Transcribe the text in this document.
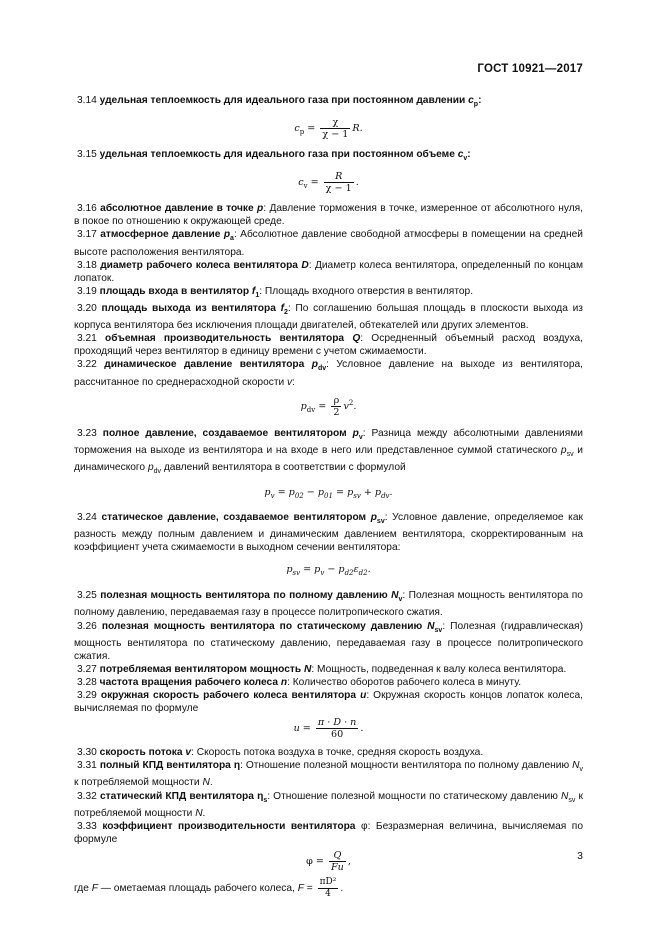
ГОСТ 10921—2017

3.14 удельная теплоемкость для идеального газа при постоянном давлении $c_p$:

$c_p = \frac{\chi}{\chi - 1} R$.

3.15 удельная теплоемкость для идеального газа при постоянном объеме $c_v$:

$c_v = \frac{R}{\chi - 1}$ .

3.16 абсолютное давление в точке p: Давление торможения в точке, измеренное от абсолютного нуля, в покое по отношению к окружающей среде.

3.17 атмосферное давление $p_a$: Абсолютное давление свободной атмосферы в помещении на средней высоте расположения вентилятора.

3.18 диаметр рабочего колеса вентилятора D: Диаметр колеса вентилятора, определенный по концам лопаток.

3.19 площадь входа в вентилятор $f_1$: Площадь входного отверстия в вентилятор.

3.20 площадь выхода из вентилятора $f_2$: По соглашению большая площадь в плоскости выхода из корпуса вентилятора без исключения площади двигателей, обтекателей или других элементов.

3.21 объемная производительность вентилятора Q: Осредненный объемный расход воздуха, проходящий через вентилятор в единицу времени с учетом сжимаемости.

3.22 динамическое давление вентилятора $p_{dv}$: Условное давление на выходе из вентилятора, рассчитанное по среднерасходной скорости v:

$p_{dv} = \frac{\rho}{2} v^2$.

3.23 полное давление, создаваемое вентилятором $p_v$: Разница между абсолютными давлениями торможения на выходе из вентилятора и на входе в него или представленное суммой статического $p_{sv}$ и динамического $p_{dv}$ давлений вентилятора в соответствии с формулой

$p_v = p_{02} - p_{01} = p_{sv} + p_{dv}$.

3.24 статическое давление, создаваемое вентилятором $p_{sv}$: Условное давление, определяемое как разность между полным давлением и динамическим давлением вентилятора, скорректированным на коэффициент учета сжимаемости в выходном сечении вентилятора:

$p_{sv} = p_v - p_{d2}\varepsilon_{d2}$.

3.25 полезная мощность вентилятора по полному давлению $N_v$: Полезная мощность вентилятора по полному давлению, передаваемая газу в процессе политропического сжатия.

3.26 полезная мощность вентилятора по статическому давлению $N_{sv}$: Полезная (гидравлическая) мощность вентилятора по статическому давлению, передаваемая газу в процессе политропического сжатия.

3.27 потребляемая вентилятором мощность N: Мощность, подведенная к валу колеса вентилятора.

3.28 частота вращения рабочего колеса n: Количество оборотов рабочего колеса в минуту.

3.29 окружная скорость рабочего колеса вентилятора u: Окружная скорость концов лопаток колеса, вычисляемая по формуле

$u = \frac{\pi \cdot D \cdot n}{60}$ .

3.30 скорость потока v: Скорость потока воздуха в точке, средняя скорость воздуха.

3.31 полный КПД вентилятора η: Отношение полезной мощности вентилятора по полному давлению $N_v$ к потребляемой мощности N.

3.32 статический КПД вентилятора $\eta_s$: Отношение полезной мощности по статическому давлению $N_{sv}$ к потребляемой мощности N.

3.33 коэффициент производительности вентилятора φ: Безразмерная величина, вычисляемая по формуле

$\varphi = \frac{Q}{Fu}$ ,

где F — ометаемая площадь рабочего колеса, $F = \frac{\text{πD²}}{4}$ .

3
